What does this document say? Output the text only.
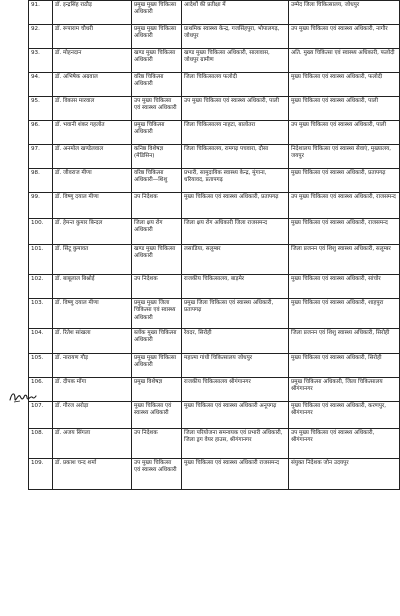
91.	डॉ. इन्द्रसिंह राठौड़	प्रमुख मुख्य चिकित्सा अधिकारी	आदेशों की प्रतीक्षा में	उम्मेद जिला चिकित्सालय, जोधपुर
92.	डॉ. रूपाराम चौधरी	प्रमुख मुख्य चिकित्सा अधिकारी	प्राथमिक स्वास्थ्य केन्द्र, गजसिंहपुरा, भोपालगढ़, जोधपुर	उप मुख्य चिकित्सा एवं स्वास्थ्य अधिकारी, नागौर
93.	डॉ. मोहनदान	खण्ड मुख्य चिकित्सा अधिकारी	खण्ड मुख्य चिकित्सा अधिकारी, सालावास, जोधपुर ग्रामीण	अति. मुख्य चिकित्सा एवं स्वास्थ्य अधिकारी, फलोदी
94.	डॉ. अभिषेक अग्रवाल	वरिष्ठ चिकित्सा अधिकारी	जिला चिकित्सालय फलोदी	मुख्य चिकित्सा एवं स्वास्थ्य अधिकारी, फलोदी
95.	डॉ. विकास मारवाल	उप मुख्य चिकित्सा एवं स्वास्थ्य अधिकारी	उप मुख्य चिकित्सा एवं स्वास्थ्य अधिकारी, पाली	मुख्य चिकित्सा एवं स्वास्थ्य अधिकारी, पाली
96.	डॉ. भवानी शंकर गहलोत	प्रमुख चिकित्सा अधिकारी	जिला चिकित्सालय नाहटा, बालोतरा	उप मुख्य चिकित्सा एवं स्वास्थ्य अधिकारी, पाली
97.	डॉ. अनमोल खण्डेलवाल	कनिष्ठ विशेषज्ञ (मेडिसिन)	जिला चिकित्सालय, रामगढ़ पचवारा, दौसा	निदेशालय चिकित्सा एवं स्वास्थ्य सेवाएं, मुख्यालय, जयपुर
98.	डॉ. जीवराज मीणा	वरिष्ठ चिकित्सा अधिकारी—शिशु	प्रभारी, सामुदायिक स्वास्थ्य केन्द्र, मुंगाना, धरियावद, प्रतापगढ़	मुख्य चिकित्सा एवं स्वास्थ्य अधिकारी, प्रतापगढ़
99.	डॉ. विष्णु दयाल मीणा	उप निदेशक	मुख्य चिकित्सा एवं स्वास्थ्य अधिकारी, प्रतापगढ़	उप मुख्य चिकित्सा एवं स्वास्थ्य अधिकारी, राजसमन्द
100.	डॉ. हेमन्त कुमार बिन्दल	जिला क्षय रोग अधिकारी	जिला क्षय रोग अधिकारी जिला राजसमन्द	मुख्य चिकित्सा एवं स्वास्थ्य अधिकारी, राजसमन्द
101.	डॉ. सिंटू कुमावत	खण्ड मुख्य चिकित्सा अधिकारी	लसाडिया, सलूम्बर	जिला प्रजनन एवं शिशु स्वास्थ्य अधिकारी, सलूम्बर
102.	डॉ. बाबूलाल बिश्नोई	उप निदेशक	राजकीय चिकित्सालय, बाड़मेर	मुख्य चिकित्सा एवं स्वास्थ्य अधिकारी, सांचोर
103.	डॉ. विष्णु दयाल मीणा	प्रमुख मुख्य जिला चिकित्सा एवं स्वास्थ्य अधिकारी	प्रमुख जिला चिकित्सा एवं स्वास्थ्य अधिकारी, प्रतापगढ़	मुख्य चिकित्सा एवं स्वास्थ्य अधिकारी, शाहपुरा
104.	डॉ. रितेश सांखला	ब्लॉक मुख्य चिकित्सा अधिकारी	रेवदर, सिरोही	जिला प्रजनन एवं शिशु स्वास्थ्य अधिकारी, सिरोही
105.	डॉ. नारायण गौड़	प्रमुख मुख्य चिकित्सा अधिकारी	महात्मा गांधी चिकित्सालय जोधपुर	मुख्य चिकित्सा एवं स्वास्थ्य अधिकारी, सिरोही
106.	डॉ. दीपक मोंगा	प्रमुख विशेषज्ञ	राजकीय चिकित्सालय श्रीगंगानगर	प्रमुख चिकित्सा अधिकारी, जिला चिकित्सालय श्रीगंगानगर
107.	डॉ. गौरज अरोड़ा	मुख्य चिकित्सा एवं स्वास्थ्य अधिकारी	मुख्य चिकित्सा एवं स्वास्थ्य अधिकारी अनूपगढ़	मुख्य चिकित्सा एवं स्वास्थ्य अधिकारी, करणपुर, श्रीगंगानगर
108.	डॉ. अजय सिंगला	उप निदेशक	जिला परियोजना समन्वयक एवं प्रभारी अधिकारी, जिला ड्रग वेयर हाउस, श्रीगंगानगर	उप मुख्य चिकित्सा एवं स्वास्थ्य अधिकारी, श्रीगंगानगर
109.	डॉ. प्रकाश चन्द शर्मा	उप मुख्य चिकित्सा एवं स्वास्थ्य अधिकारी	मुख्य चिकित्सा एवं स्वास्थ्य अधिकारी राजसमन्द	संयुक्त निदेशक जोन उदयपुर
